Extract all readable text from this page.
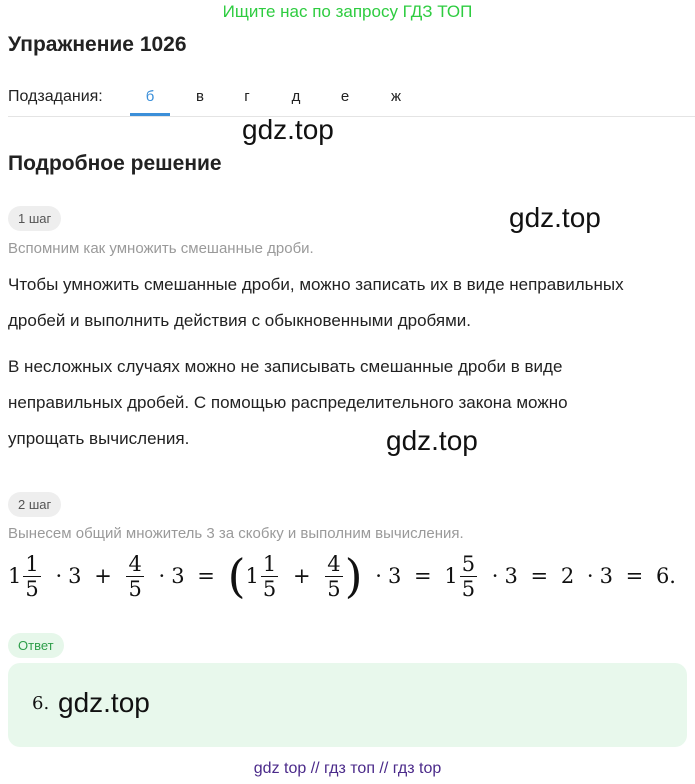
Ищите нас по запросу ГДЗ ТОП
Упражнение 1026
Подзадания:	б	в	г	д	е	ж
gdz.top
Подробное решение
gdz.top
1 шаг
Вспомним как умножить смешанные дроби.
Чтобы умножить смешанные дроби, можно записать их в виде неправильных
дробей и выполнить действия с обыкновенными дробями.
В несложных случаях можно не записывать смешанные дроби в виде
неправильных дробей. С помощью распределительного закона можно
упрощать вычисления.	gdz.top
2 шаг
Вынесем общий множитель 3 за скобку и выполним вычисления.
$1 \frac{1}{5} \cdot 3 + \frac{4}{5} \cdot 3 = (1 \frac{1}{5} + \frac{4}{5}$ ) · $3 = 1 \frac{5}{5} \cdot 3 = 2 \cdot 3 = 6$.
Ответ
6. gdz.top
gdz top // гдз топ // гдз top
